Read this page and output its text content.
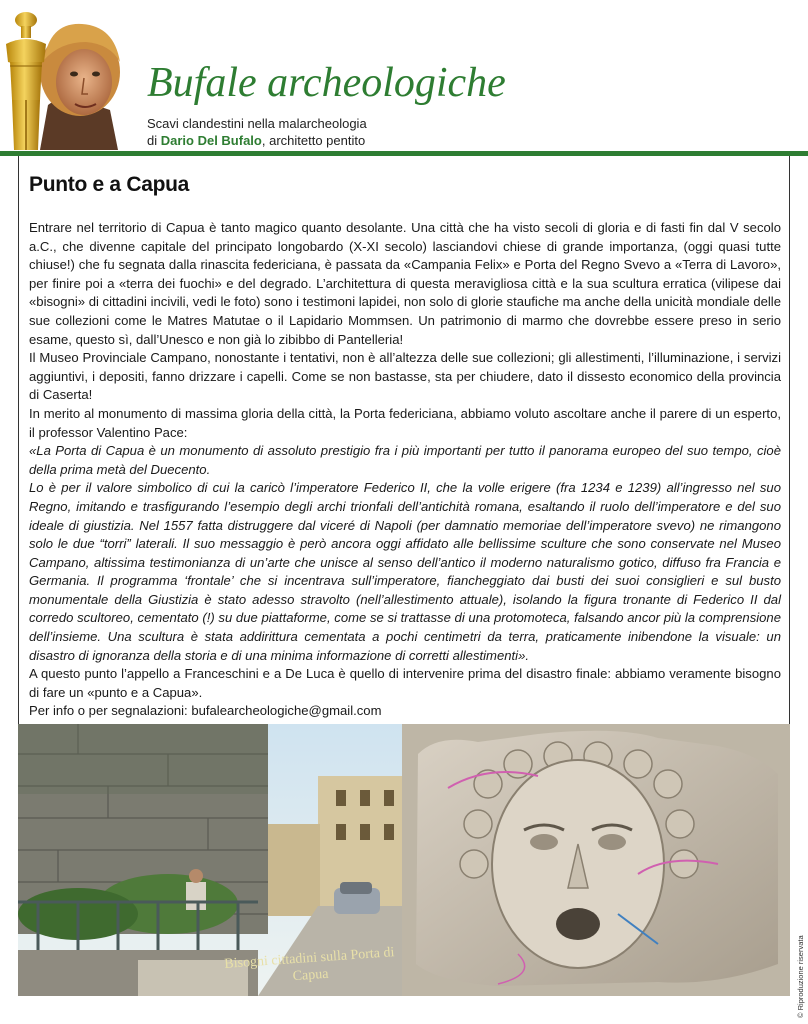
Bufale archeologiche
Scavi clandestini nella malarcheologia
di Dario Del Bufalo, architetto pentito
Punto e a Capua

Entrare nel territorio di Capua è tanto magico quanto desolante. Una città che ha visto secoli di gloria e di fasti fin dal V secolo a.C., che divenne capitale del principato longobardo (X-XI secolo) lasciandovi chiese di grande importanza, (oggi quasi tutte chiuse!) che fu segnata dalla rinascita federiciana, è passata da «Campania Felix» e Porta del Regno Svevo a «Terra di Lavoro», per finire poi a «terra dei fuochi» e del degrado. L’architettura di questa meravigliosa città e la sua scultura erratica (vilipese dai «bisogni» di cittadini incivili, vedi le foto) sono i testimoni lapidei, non solo di glorie staufiche ma anche della unicità mondiale delle sue collezioni come le Matres Matutae o il Lapidario Mommsen. Un patrimonio di marmo che dovrebbe essere preso in serio esame, questo sì, dall’Unesco e non già lo zibibbo di Pantelleria!

Il Museo Provinciale Campano, nonostante i tentativi, non è all’altezza delle sue collezioni; gli allestimenti, l’illuminazione, i servizi aggiuntivi, i depositi, fanno drizzare i capelli. Come se non bastasse, sta per chiudere, dato il dissesto economico della provincia di Caserta!

In merito al monumento di massima gloria della città, la Porta federiciana, abbiamo voluto ascoltare anche il parere di un esperto, il professor Valentino Pace:

«La Porta di Capua è un monumento di assoluto prestigio fra i più importanti per tutto il panorama europeo del suo tempo, cioè della prima metà del Duecento.

Lo è per il valore simbolico di cui la caricò l’imperatore Federico II, che la volle erigere (fra 1234 e 1239) all’ingresso nel suo Regno, imitando e trasfigurando l’esempio degli archi trionfali dell’antichità romana, esaltando il ruolo dell’imperatore e del suo ideale di giustizia. Nel 1557 fatta distruggere dal viceré di Napoli (per damnatio memoriae dell’imperatore svevo) ne rimangono solo le due “torri” laterali. Il suo messaggio è però ancora oggi affidato alle bellissime sculture che sono conservate nel Museo Campano, altissima testimonianza di un’arte che unisce al senso dell’antico il moderno naturalismo gotico, diffuso fra Francia e Germania. Il programma ‘frontale’ che si incentrava sull’imperatore, fiancheggiato dai busti dei suoi consiglieri e sul busto monumentale della Giustizia è stato adesso stravolto (nell’allestimento attuale), isolando la figura tronante di Federico II dal corredo scultoreo, cementato (!) su due piattaforme, come se si trattasse di una protomoteca, falsando ancor più la comprensione dell’insieme. Una scultura è stata addirittura cementata a pochi centimetri da terra, praticamente inibendone la visuale: un disastro di ignoranza della storia e di una minima informazione di corretti allestimenti».

A questo punto l’appello a Franceschini e a De Luca è quello di intervenire prima del disastro finale: abbiamo veramente bisogno di fare un «punto e a Capua».

Per info o per segnalazioni: bufalearcheologiche@gmail.com

Bisogni cittadini sulla Porta di Capua	© Riproduzione riservata
